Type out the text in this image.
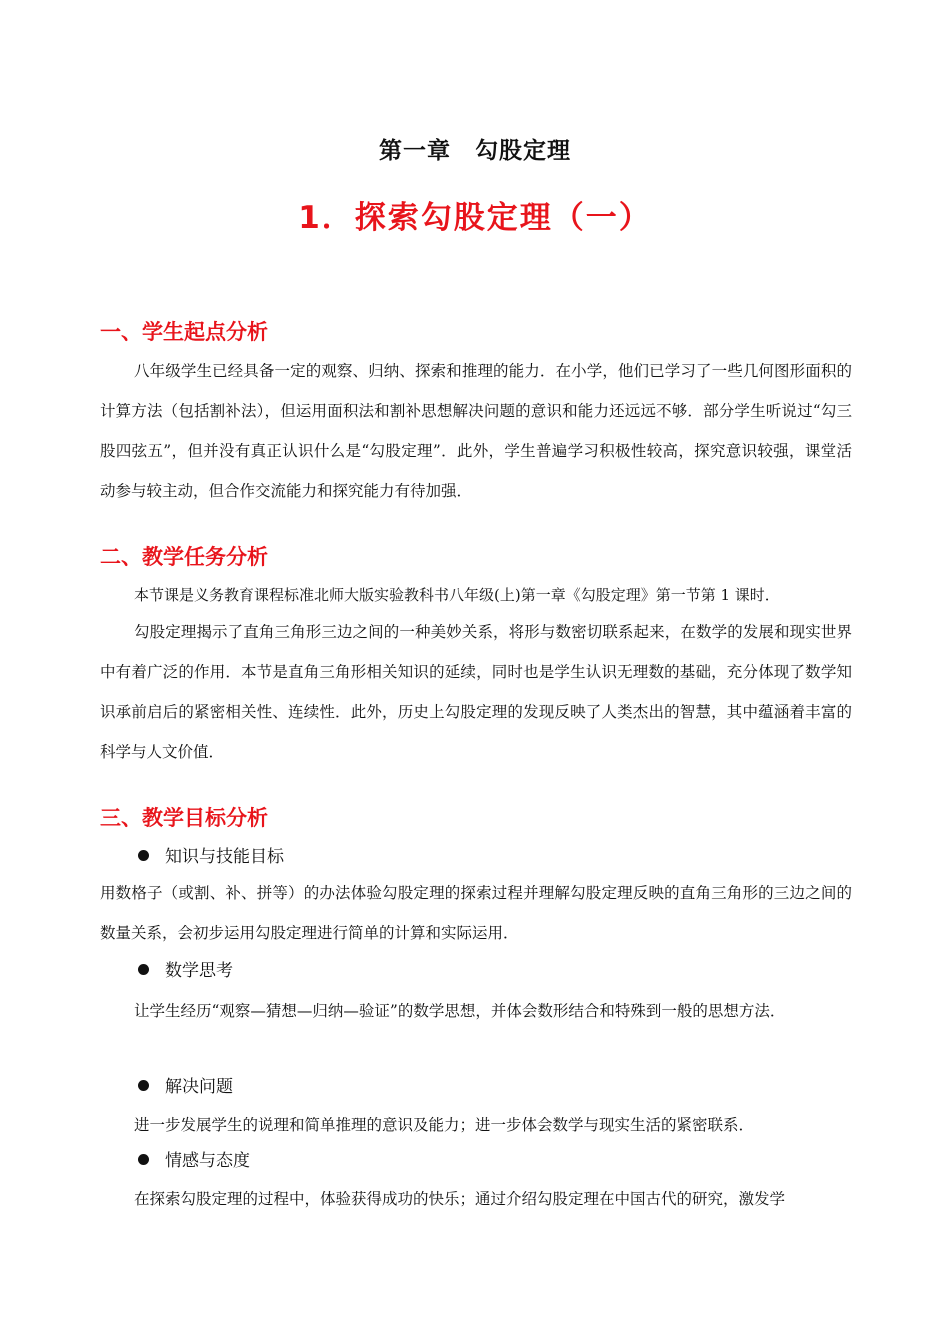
第一章　勾股定理
1．探索勾股定理（一）
一、学生起点分析
八年级学生已经具备一定的观察、归纳、探索和推理的能力．在小学，他们已学习了一些几何图形面积的计算方法（包括割补法），但运用面积法和割补思想解决问题的意识和能力还远远不够．部分学生听说过“勾三股四弦五”，但并没有真正认识什么是“勾股定理”．此外，学生普遍学习积极性较高，探究意识较强，课堂活动参与较主动，但合作交流能力和探究能力有待加强．
二、教学任务分析
本节课是义务教育课程标准北师大版实验教科书八年级(上)第一章《勾股定理》第一节第 1 课时．
勾股定理揭示了直角三角形三边之间的一种美妙关系，将形与数密切联系起来，在数学的发展和现实世界中有着广泛的作用．本节是直角三角形相关知识的延续，同时也是学生认识无理数的基础，充分体现了数学知识承前启后的紧密相关性、连续性．此外，历史上勾股定理的发现反映了人类杰出的智慧，其中蕴涵着丰富的科学与人文价值．
三、教学目标分析
知识与技能目标
用数格子（或割、补、拼等）的办法体验勾股定理的探索过程并理解勾股定理反映的直角三角形的三边之间的数量关系，会初步运用勾股定理进行简单的计算和实际运用．
数学思考
让学生经历“观察—猜想—归纳—验证”的数学思想，并体会数形结合和特殊到一般的思想方法．
解决问题
进一步发展学生的说理和简单推理的意识及能力；进一步体会数学与现实生活的紧密联系．
情感与态度
在探索勾股定理的过程中，体验获得成功的快乐；通过介绍勾股定理在中国古代的研究，激发学
